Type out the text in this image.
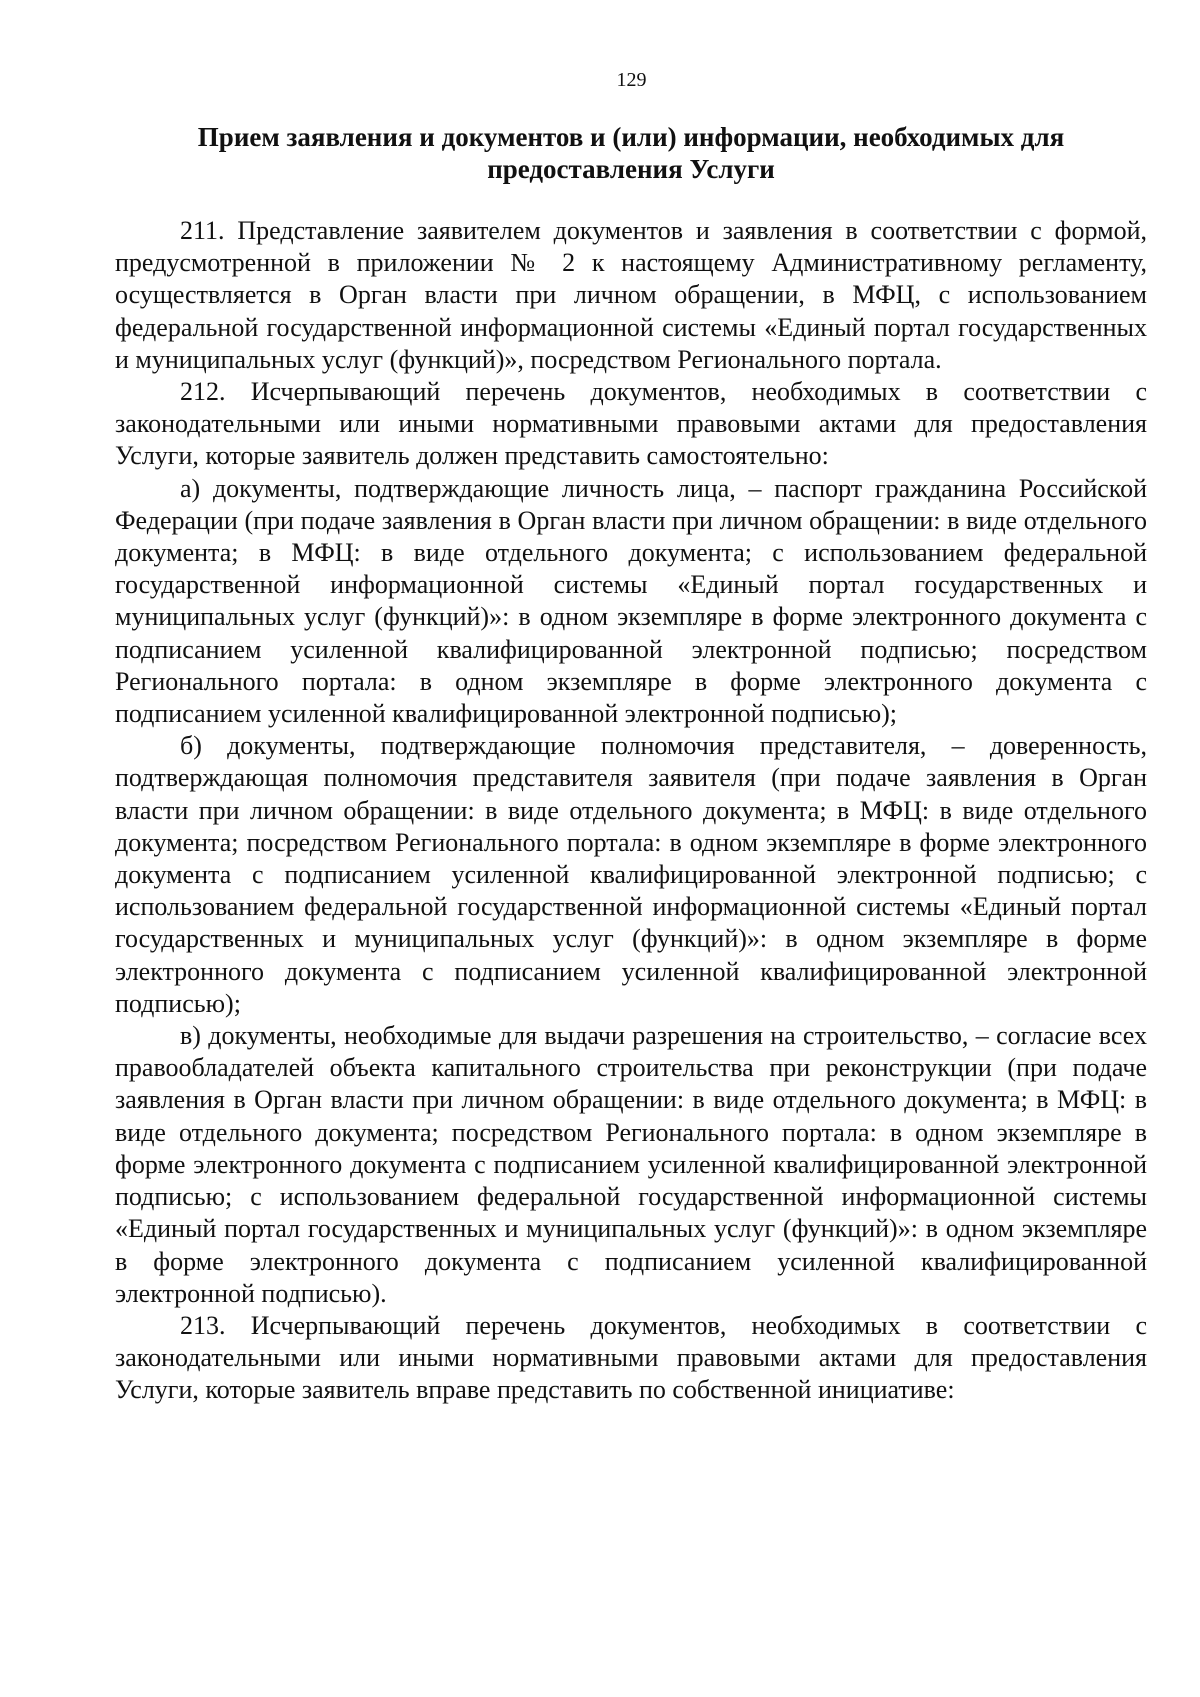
129
Прием заявления и документов и (или) информации, необходимых для
предоставления Услуги

211. Представление заявителем документов и заявления в соответствии с формой, предусмотренной в приложении № 2 к настоящему Административному регламенту, осуществляется в Орган власти при личном обращении, в МФЦ, с использованием федеральной государственной информационной системы «Единый портал государственных и муниципальных услуг (функций)», посредством Регионального портала.

212. Исчерпывающий перечень документов, необходимых в соответствии с законодательными или иными нормативными правовыми актами для предоставления Услуги, которые заявитель должен представить самостоятельно:

а) документы, подтверждающие личность лица, – паспорт гражданина Российской Федерации (при подаче заявления в Орган власти при личном обращении: в виде отдельного документа; в МФЦ: в виде отдельного документа; с использованием федеральной государственной информационной системы «Единый портал государственных и муниципальных услуг (функций)»: в одном экземпляре в форме электронного документа с подписанием усиленной квалифицированной электронной подписью; посредством Регионального портала: в одном экземпляре в форме электронного документа с подписанием усиленной квалифицированной электронной подписью);

б) документы, подтверждающие полномочия представителя, – доверенность, подтверждающая полномочия представителя заявителя (при подаче заявления в Орган власти при личном обращении: в виде отдельного документа; в МФЦ: в виде отдельного документа; посредством Регионального портала: в одном экземпляре в форме электронного документа с подписанием усиленной квалифицированной электронной подписью; с использованием федеральной государственной информационной системы «Единый портал государственных и муниципальных услуг (функций)»: в одном экземпляре в форме электронного документа с подписанием усиленной квалифицированной электронной подписью);

в) документы, необходимые для выдачи разрешения на строительство, – согласие всех правообладателей объекта капитального строительства при реконструкции (при подаче заявления в Орган власти при личном обращении: в виде отдельного документа; в МФЦ: в виде отдельного документа; посредством Регионального портала: в одном экземпляре в форме электронного документа с подписанием усиленной квалифицированной электронной подписью; с использованием федеральной государственной информационной системы «Единый портал государственных и муниципальных услуг (функций)»: в одном экземпляре в форме электронного документа с подписанием усиленной квалифицированной электронной подписью).

213. Исчерпывающий перечень документов, необходимых в соответствии с законодательными или иными нормативными правовыми актами для предоставления Услуги, которые заявитель вправе представить по собственной инициативе:
